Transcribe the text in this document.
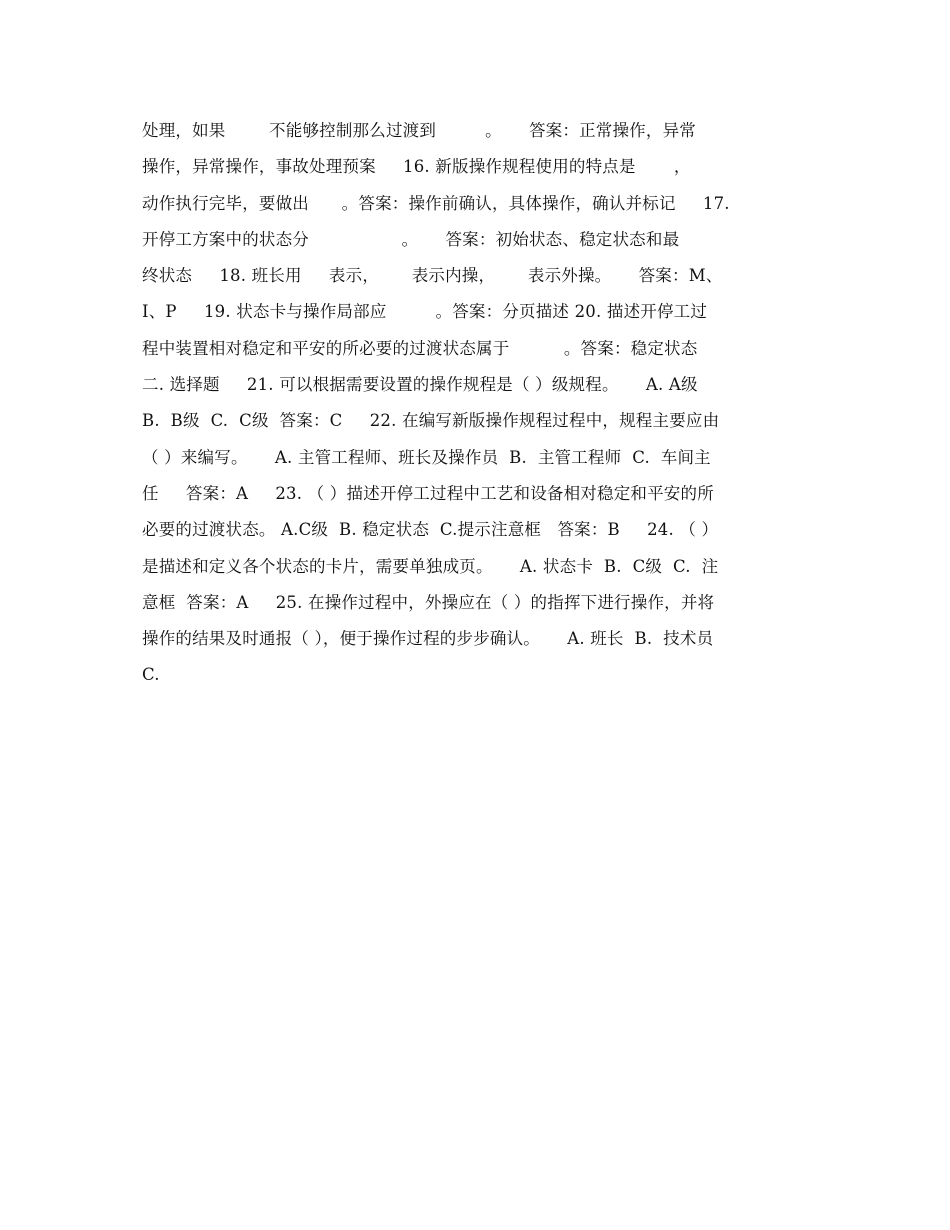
处理，如果        不能够控制那么过渡到         。     答案：正常操作，异常
操作，异常操作，事故处理预案     16. 新版操作规程使用的特点是       ，
动作执行完毕，要做出      。答案：操作前确认，具体操作，确认并标记     17.
开停工方案中的状态分                 。     答案：初始状态、稳定状态和最
终状态     18. 班长用     表示，      表示内操，      表示外操。     答案：M、
I、P     19. 状态卡与操作局部应         。答案：分页描述 20. 描述开停工过
程中装置相对稳定和平安的所必要的过渡状态属于          。答案：稳定状态
二. 选择题     21. 可以根据需要设置的操作规程是（ ）级规程。     A. A级
B.  B级  C.  C级  答案：C     22. 在编写新版操作规程过程中，规程主要应由
（ ）来编写。     A. 主管工程师、班长及操作员  B.  主管工程师  C.  车间主
任     答案：A     23. （ ）描述开停工过程中工艺和设备相对稳定和平安的所
必要的过渡状态。 A.C级  B. 稳定状态  C.提示注意框   答案：B     24. （ ）
是描述和定义各个状态的卡片，需要单独成页。     A. 状态卡  B.  C级  C.  注
意框  答案：A     25. 在操作过程中，外操应在（ ）的指挥下进行操作，并将
操作的结果及时通报（ ），便于操作过程的步步确认。     A. 班长  B.  技术员
C.
